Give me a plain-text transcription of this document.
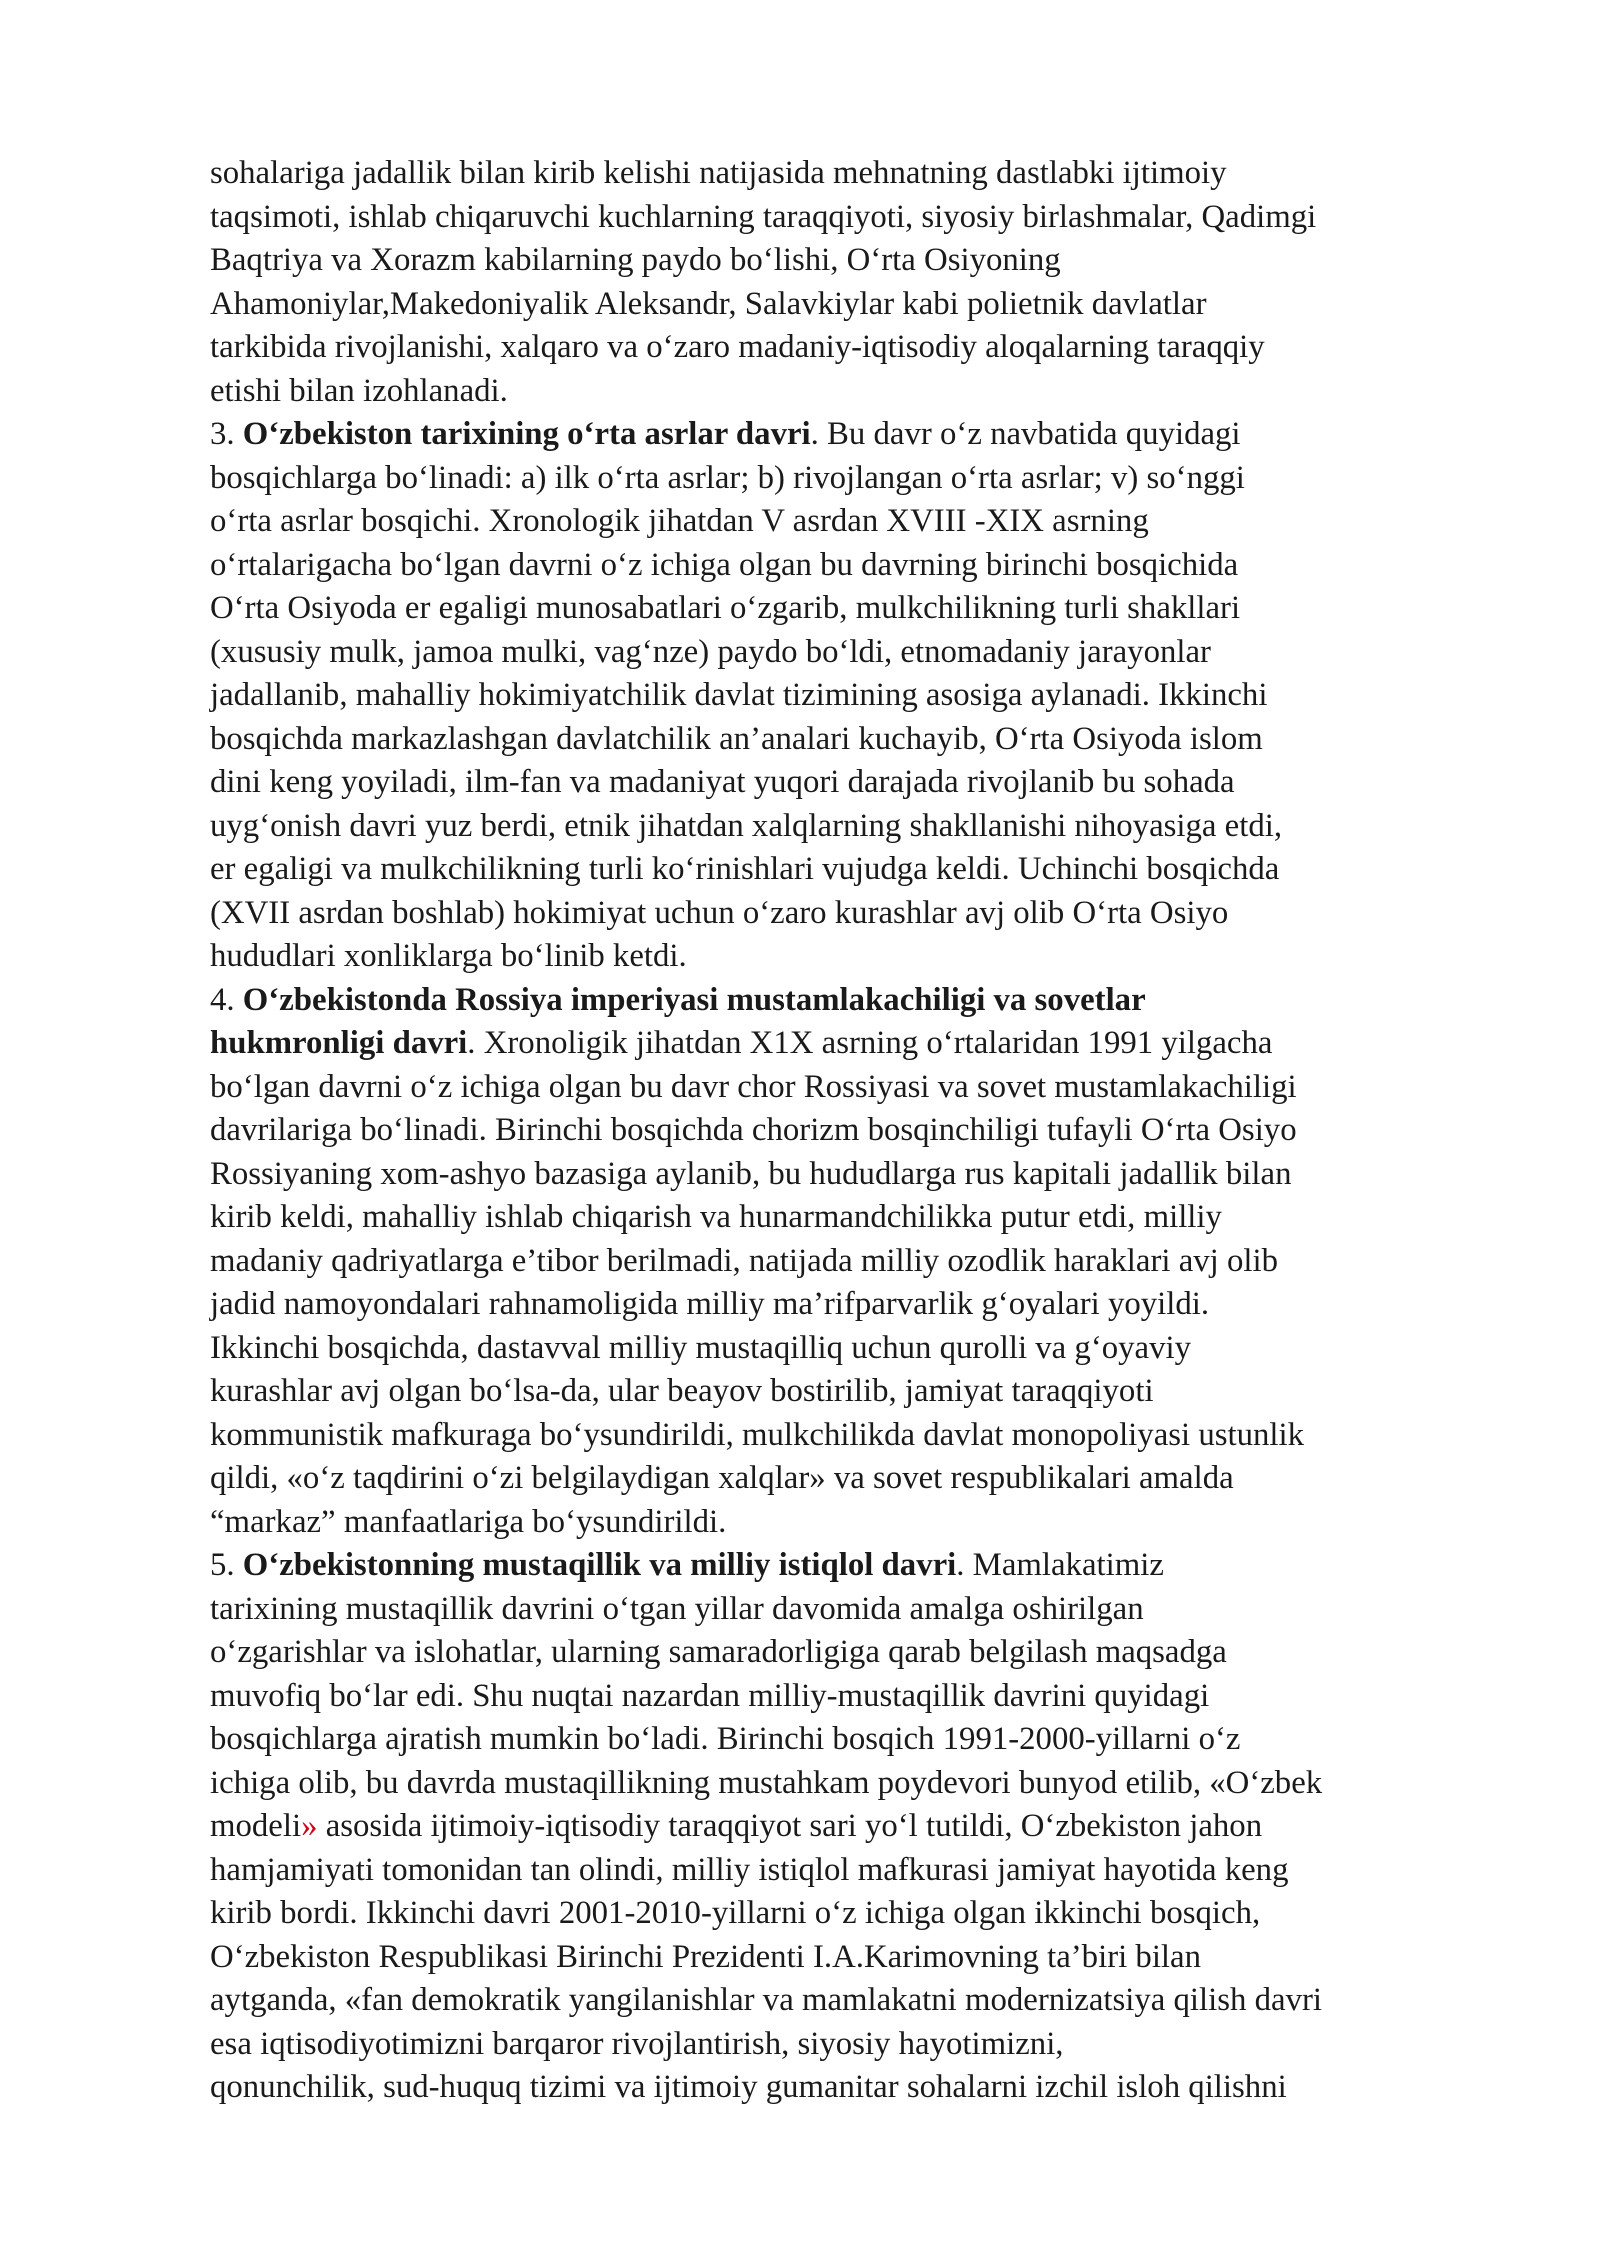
sohalariga jadallik bilan kirib kelishi natijasida mehnatning dastlabki ijtimoiy
taqsimoti, ishlab chiqaruvchi kuchlarning taraqqiyoti, siyosiy birlashmalar, Qadimgi
Baqtriya va Xorazm kabilarning paydo bo‘lishi, O‘rta Osiyoning
Ahamoniylar,Makedoniyalik Aleksandr, Salavkiylar kabi polietnik davlatlar
tarkibida rivojlanishi, xalqaro va o‘zaro madaniy-iqtisodiy aloqalarning taraqqiy
etishi bilan izohlanadi.
3. O‘zbekiston tarixining o‘rta asrlar davri. Bu davr o‘z navbatida quyidagi
bosqichlarga bo‘linadi: a) ilk o‘rta asrlar; b) rivojlangan o‘rta asrlar; v) so‘nggi
o‘rta asrlar bosqichi. Xronologik jihatdan V asrdan XVIII -XIX asrning
o‘rtalarigacha bo‘lgan davrni o‘z ichiga olgan bu davrning birinchi bosqichida
O‘rta Osiyoda er egaligi munosabatlari o‘zgarib, mulkchilikning turli shakllari
(xususiy mulk, jamoa mulki, vag‘nze) paydo bo‘ldi, etnomadaniy jarayonlar
jadallanib, mahalliy hokimiyatchilik davlat tizimining asosiga aylanadi. Ikkinchi
bosqichda markazlashgan davlatchilik an’analari kuchayib, O‘rta Osiyoda islom
dini keng yoyiladi, ilm-fan va madaniyat yuqori darajada rivojlanib bu sohada
uyg‘onish davri yuz berdi, etnik jihatdan xalqlarning shakllanishi nihoyasiga etdi,
er egaligi va mulkchilikning turli ko‘rinishlari vujudga keldi. Uchinchi bosqichda
(XVII asrdan boshlab) hokimiyat uchun o‘zaro kurashlar avj olib O‘rta Osiyo
hududlari xonliklarga bo‘linib ketdi.
4. O‘zbekistonda Rossiya imperiyasi mustamlakachiligi va sovetlar
hukmronligi davri. Xronoligik jihatdan X1X asrning o‘rtalaridan 1991 yilgacha
bo‘lgan davrni o‘z ichiga olgan bu davr chor Rossiyasi va sovet mustamlakachiligi
davrilariga bo‘linadi. Birinchi bosqichda chorizm bosqinchiligi tufayli O‘rta Osiyo
Rossiyaning xom-ashyo bazasiga aylanib, bu hududlarga rus kapitali jadallik bilan
kirib keldi, mahalliy ishlab chiqarish va hunarmandchilikka putur etdi, milliy
madaniy qadriyatlarga e’tibor berilmadi, natijada milliy ozodlik haraklari avj olib
jadid namoyondalari rahnamoligida milliy ma’rifparvarlik g‘oyalari yoyildi.
Ikkinchi bosqichda, dastavval milliy mustaqilliq uchun qurolli va g‘oyaviy
kurashlar avj olgan bo‘lsa-da, ular beayov bostirilib, jamiyat taraqqiyoti
kommunistik mafkuraga bo‘ysundirildi, mulkchilikda davlat monopoliyasi ustunlik
qildi, «o‘z taqdirini o‘zi belgilaydigan xalqlar» va sovet respublikalari amalda
“markaz” manfaatlariga bo‘ysundirildi.
5. O‘zbekistonning mustaqillik va milliy istiqlol davri. Mamlakatimiz
tarixining mustaqillik davrini o‘tgan yillar davomida amalga oshirilgan
o‘zgarishlar va islohatlar, ularning samaradorligiga qarab belgilash maqsadga
muvofiq bo‘lar edi. Shu nuqtai nazardan milliy-mustaqillik davrini quyidagi
bosqichlarga ajratish mumkin bo‘ladi. Birinchi bosqich 1991-2000-yillarni o‘z
ichiga olib, bu davrda mustaqillikning mustahkam poydevori bunyod etilib, «O‘zbek
modeli» asosida ijtimoiy-iqtisodiy taraqqiyot sari yo‘l tutildi, O‘zbekiston jahon
hamjamiyati tomonidan tan olindi, milliy istiqlol mafkurasi jamiyat hayotida keng
kirib bordi. Ikkinchi davri 2001-2010-yillarni o‘z ichiga olgan ikkinchi bosqich,
O‘zbekiston Respublikasi Birinchi Prezidenti I.A.Karimovning ta’biri bilan
aytganda, «fan demokratik yangilanishlar va mamlakatni modernizatsiya qilish davri
esa iqtisodiyotimizni barqaror rivojlantirish, siyosiy hayotimizni,
qonunchilik, sud-huquq tizimi va ijtimoiy gumanitar sohalarni izchil isloh qilishni
